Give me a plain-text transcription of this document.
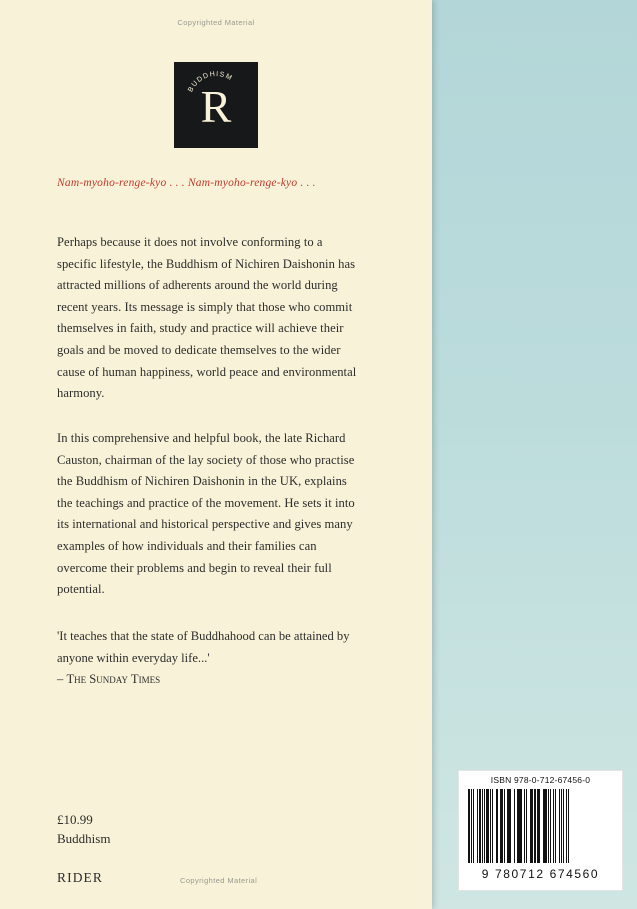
Copyrighted Material
BUDDHISM
R
Nam-myoho-renge-kyo . . . Nam-myoho-renge-kyo . . .
Perhaps because it does not involve conforming to a specific lifestyle, the Buddhism of Nichiren Daishonin has attracted millions of adherents around the world during recent years. Its message is simply that those who commit themselves in faith, study and practice will achieve their goals and be moved to dedicate themselves to the wider cause of human happiness, world peace and environmental harmony.
In this comprehensive and helpful book, the late Richard Causton, chairman of the lay society of those who practise the Buddhism of Nichiren Daishonin in the UK, explains the teachings and practice of the movement. He sets it into its international and historical perspective and gives many examples of how individuals and their families can overcome their problems and begin to reveal their full potential.
'It teaches that the state of Buddhahood can be attained by anyone within everyday life...'
– The Sunday Times
£10.99
Buddhism
RIDER	Copyrighted Material
ISBN 978-0-712-67456-0
9 780712 674560
